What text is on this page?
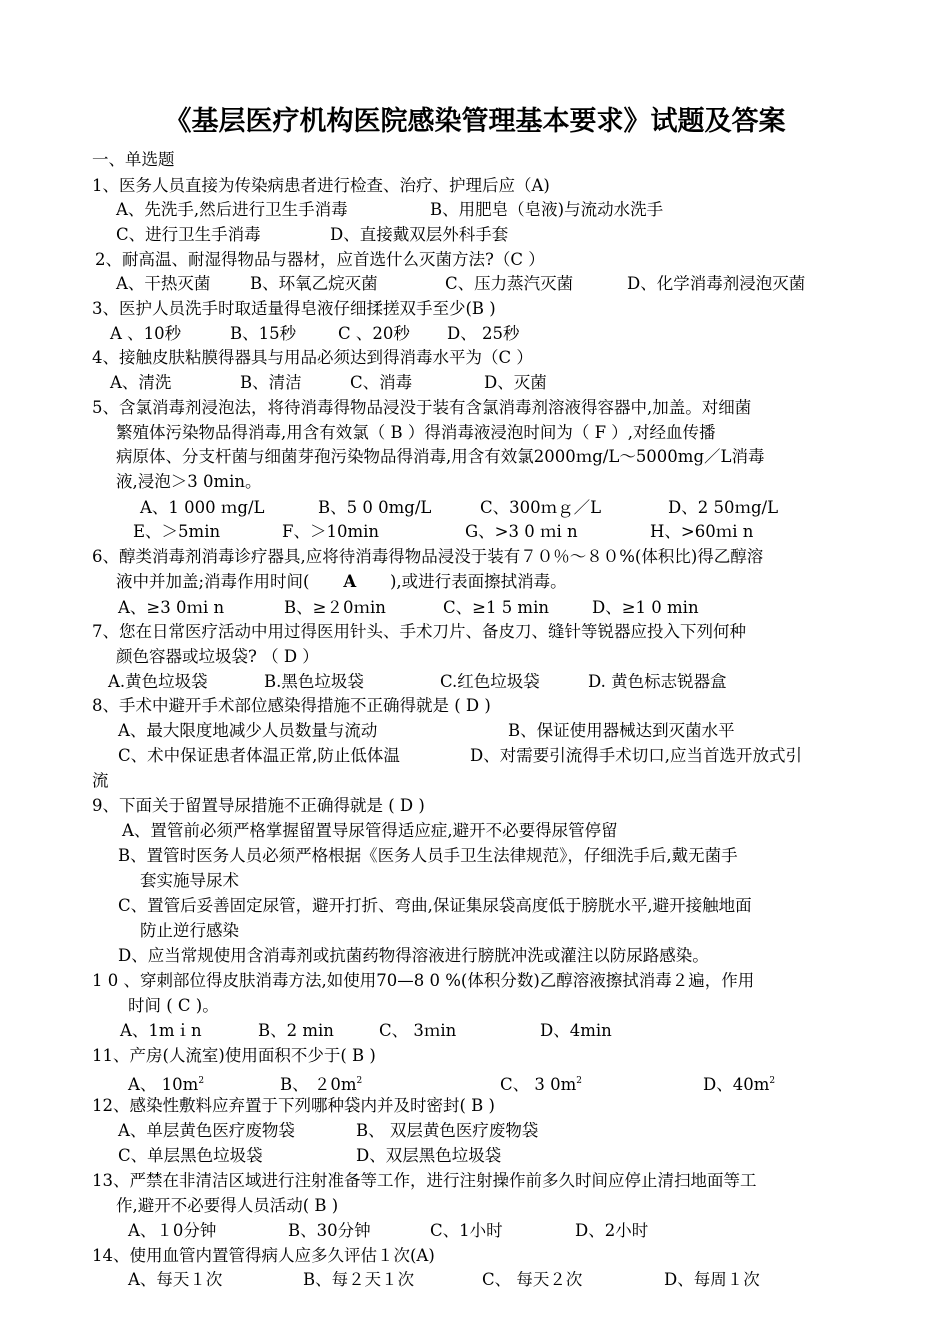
《基层医疗机构医院感染管理基本要求》试题及答案
一、单选题
1、医务人员直接为传染病患者进行检查、治疗、护理后应（A)
A、先洗手,然后进行卫生手消毒	B、用肥皂（皂液)与流动水洗手
C、进行卫生手消毒	D、直接戴双层外科手套
2、耐高温、耐湿得物品与器材，应首选什么灭菌方法?（C ）
A、干热灭菌 B、环氧乙烷灭菌	C、压力蒸汽灭菌	D、化学消毒剂浸泡灭菌
3、医护人员洗手时取适量得皂液仔细揉搓双手至少(B )
A 、10秒	B、15秒	C 、20秒 D、 25秒
4、接触皮肤粘膜得器具与用品必须达到得消毒水平为（C ）
A、清洗	B、清洁	C、消毒	D、灭菌
5、含氯消毒剂浸泡法，将待消毒得物品浸没于装有含氯消毒剂溶液得容器中,加盖。对细菌
繁殖体污染物品得消毒,用含有效氯（ B ）得消毒液浸泡时间为（ F ）,对经血传播
病原体、分支杆菌与细菌芽孢污染物品得消毒,用含有效氯2000ｍg/L～5000mg／L消毒
液,浸泡＞3 0min。
A、1 000 ｍg/L	B、5 0 0mg/L	C、300ｍｇ／L	D、2 50ｍg/L
E、＞5min	F、＞10min	G、>3 0 ｍi n	H、>60ｍi n
6、醇类消毒剂消毒诊疗器具,应将待消毒得物品浸没于装有７０％～８０%(体积比)得乙醇溶
液中并加盖;消毒作用时间( A ),或进行表面擦拭消毒。
A、≥3 0ｍi n	B、≥２0ｍin	C、≥1 5 min	D、≥1 0 min
7、您在日常医疗活动中用过得医用针头、手术刀片、备皮刀、缝针等锐器应投入下列何种
颜色容器或垃圾袋? （ D ）
A.黄色垃圾袋	B.黑色垃圾袋	C.红色垃圾袋	D. 黄色标志锐器盒
8、手术中避开手术部位感染得措施不正确得就是 ( D )
A、最大限度地减少人员数量与流动	B、保证使用器械达到灭菌水平
C、术中保证患者体温正常,防止低体温	D、对需要引流得手术切口,应当首选开放式引
流
9、下面关于留置导尿措施不正确得就是 ( D )
A、置管前必须严格掌握留置导尿管得适应症,避开不必要得尿管停留
B、置管时医务人员必须严格根据《医务人员手卫生法律规范》，仔细洗手后,戴无菌手
套实施导尿术
C、置管后妥善固定尿管，避开打折、弯曲,保证集尿袋高度低于膀胱水平,避开接触地面
防止逆行感染
D、应当常规使用含消毒剂或抗菌药物得溶液进行膀胱冲洗或灌注以防尿路感染。
1 0 、穿刺部位得皮肤消毒方法,如使用70—8 0 %(体积分数)乙醇溶液擦拭消毒２遍，作用
时间 ( C )。
A、1mｉn	B、2 min	C、 3ｍin	D、4min
11、产房(人流室)使用面积不少于( B )
A、 $10m^2$	B、 $20m^2$	C、 3 $0m^2$	D、$40m^2$
12、感染性敷料应弃置于下列哪种袋内并及时密封( B )
A、单层黄色医疗废物袋	B、 双层黄色医疗废物袋
C、单层黑色垃圾袋	D、双层黑色垃圾袋
13、严禁在非清洁区域进行注射准备等工作，进行注射操作前多久时间应停止清扫地面等工
作,避开不必要得人员活动( B )
A、１0分钟	B、30分钟	C、1小时	D、2小时
14、使用血管内置管得病人应多久评估１次(A)
A、每天１次	B、每２天１次	C、 每天２次	D、每周１次
